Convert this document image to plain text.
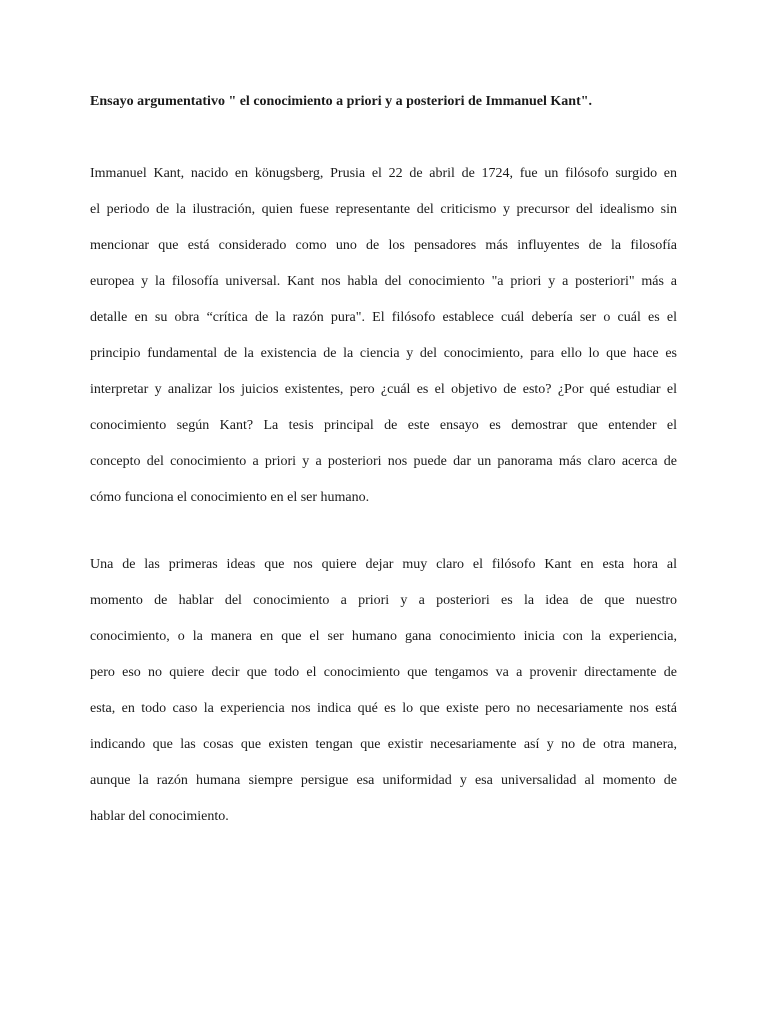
Ensayo argumentativo " el conocimiento a priori y a posteriori de Immanuel Kant".

Immanuel Kant, nacido en könugsberg, Prusia el 22 de abril de 1724, fue un filósofo surgido en
el periodo de la ilustración, quien fuese representante del criticismo y precursor del idealismo sin
mencionar que está considerado como uno de los pensadores más influyentes de la filosofía
europea y la filosofía universal. Kant nos habla del conocimiento "a priori y a posteriori" más a
detalle en su obra “crítica de la razón pura". El filósofo establece cuál debería ser o cuál es el
principio fundamental de la existencia de la ciencia y del conocimiento, para ello lo que hace es
interpretar y analizar los juicios existentes, pero ¿cuál es el objetivo de esto? ¿Por qué estudiar el
conocimiento según Kant? La tesis principal de este ensayo es demostrar que entender el
concepto del conocimiento a priori y a posteriori nos puede dar un panorama más claro acerca de
cómo funciona el conocimiento en el ser humano.

Una de las primeras ideas que nos quiere dejar muy claro el filósofo Kant en esta hora al
momento de hablar del conocimiento a priori y a posteriori es la idea de que nuestro
conocimiento, o la manera en que el ser humano gana conocimiento inicia con la experiencia,
pero eso no quiere decir que todo el conocimiento que tengamos va a provenir directamente de
esta, en todo caso la experiencia nos indica qué es lo que existe pero no necesariamente nos está
indicando que las cosas que existen tengan que existir necesariamente así y no de otra manera,
aunque la razón humana siempre persigue esa uniformidad y esa universalidad al momento de
hablar del conocimiento.
